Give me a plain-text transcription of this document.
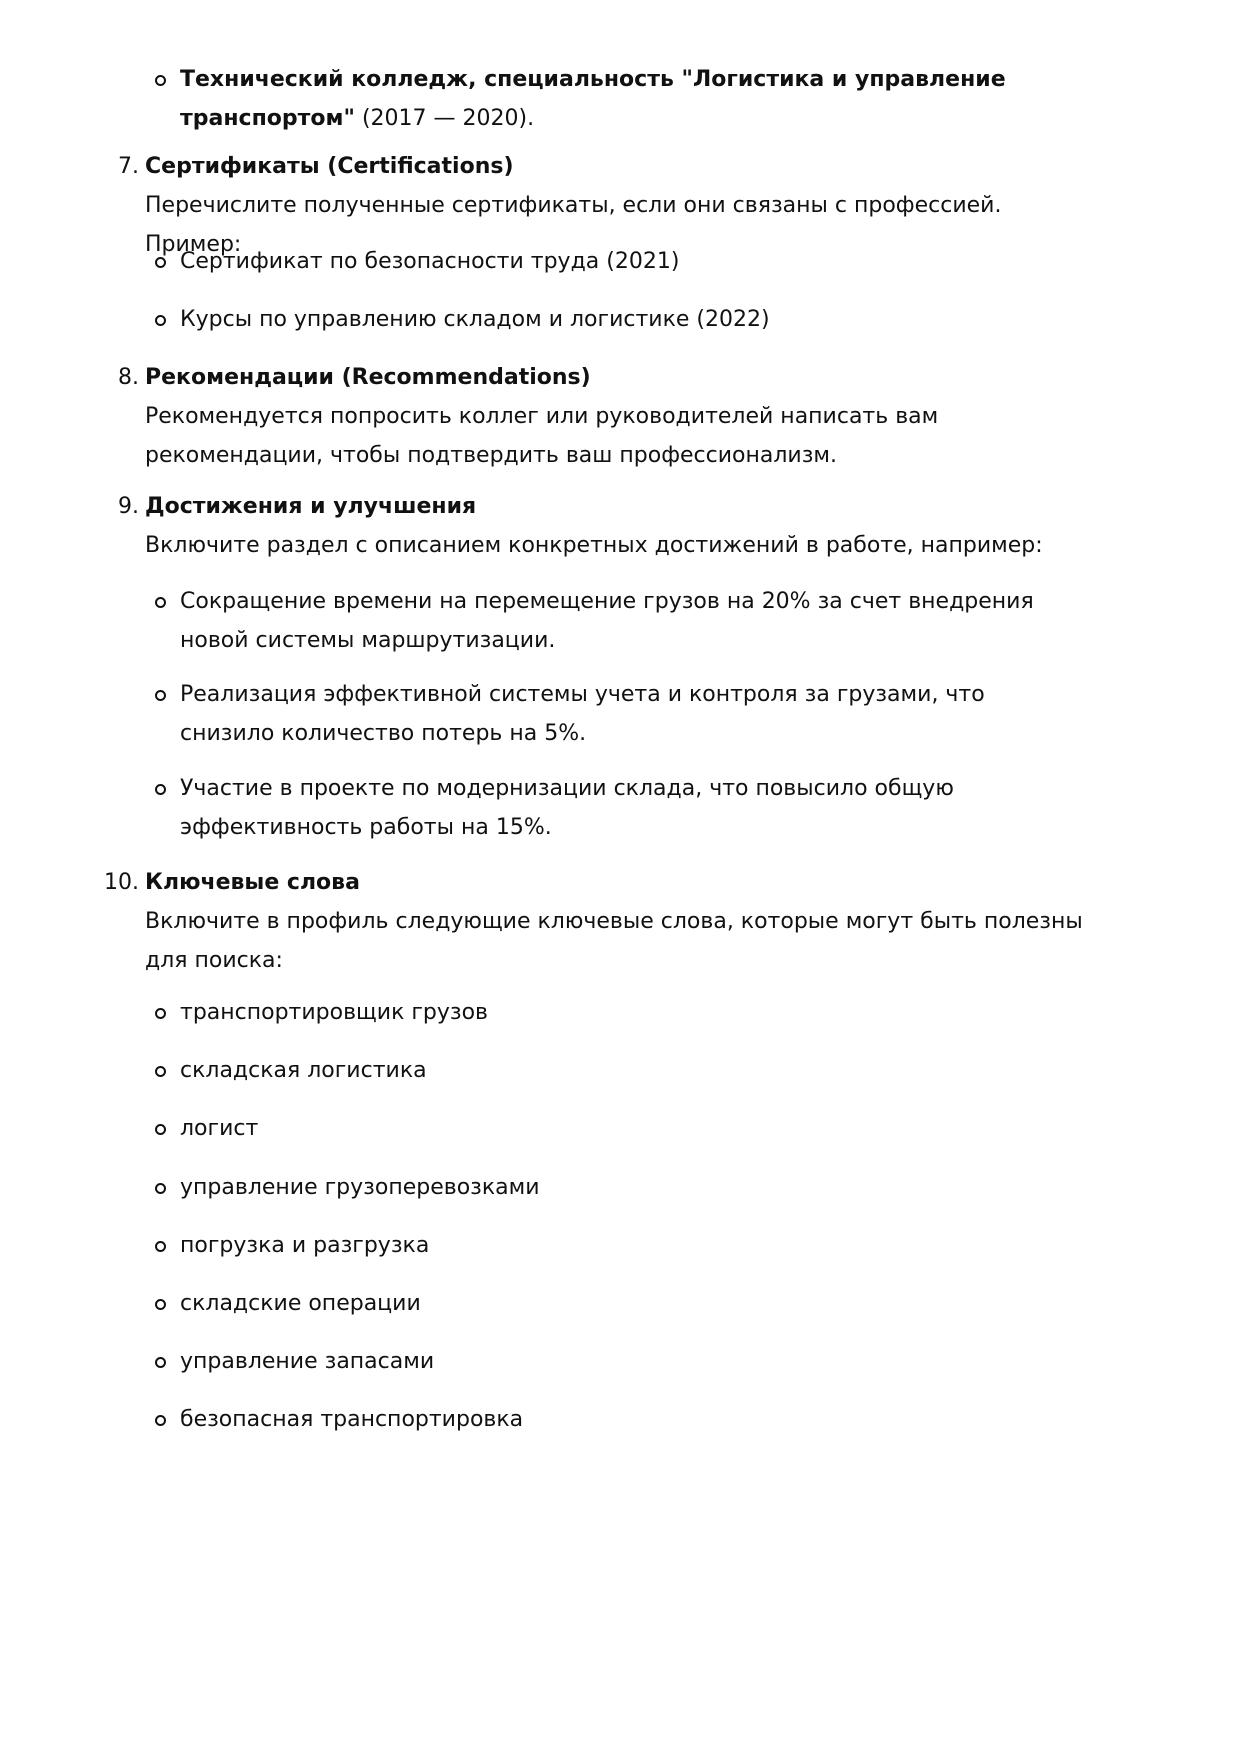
Технический колледж, специальность "Логистика и управление транспортом" (2017 — 2020).
7. Сертификаты (Certifications)
Перечислите полученные сертификаты, если они связаны с профессией. Пример:
Сертификат по безопасности труда (2021)
Курсы по управлению складом и логистике (2022)
8. Рекомендации (Recommendations)
Рекомендуется попросить коллег или руководителей написать вам рекомендации, чтобы подтвердить ваш профессионализм.
9. Достижения и улучшения
Включите раздел с описанием конкретных достижений в работе, например:
Сокращение времени на перемещение грузов на 20% за счет внедрения новой системы маршрутизации.
Реализация эффективной системы учета и контроля за грузами, что снизило количество потерь на 5%.
Участие в проекте по модернизации склада, что повысило общую эффективность работы на 15%.
10. Ключевые слова
Включите в профиль следующие ключевые слова, которые могут быть полезны для поиска:
транспортировщик грузов
складская логистика
логист
управление грузоперевозками
погрузка и разгрузка
складские операции
управление запасами
безопасная транспортировка
